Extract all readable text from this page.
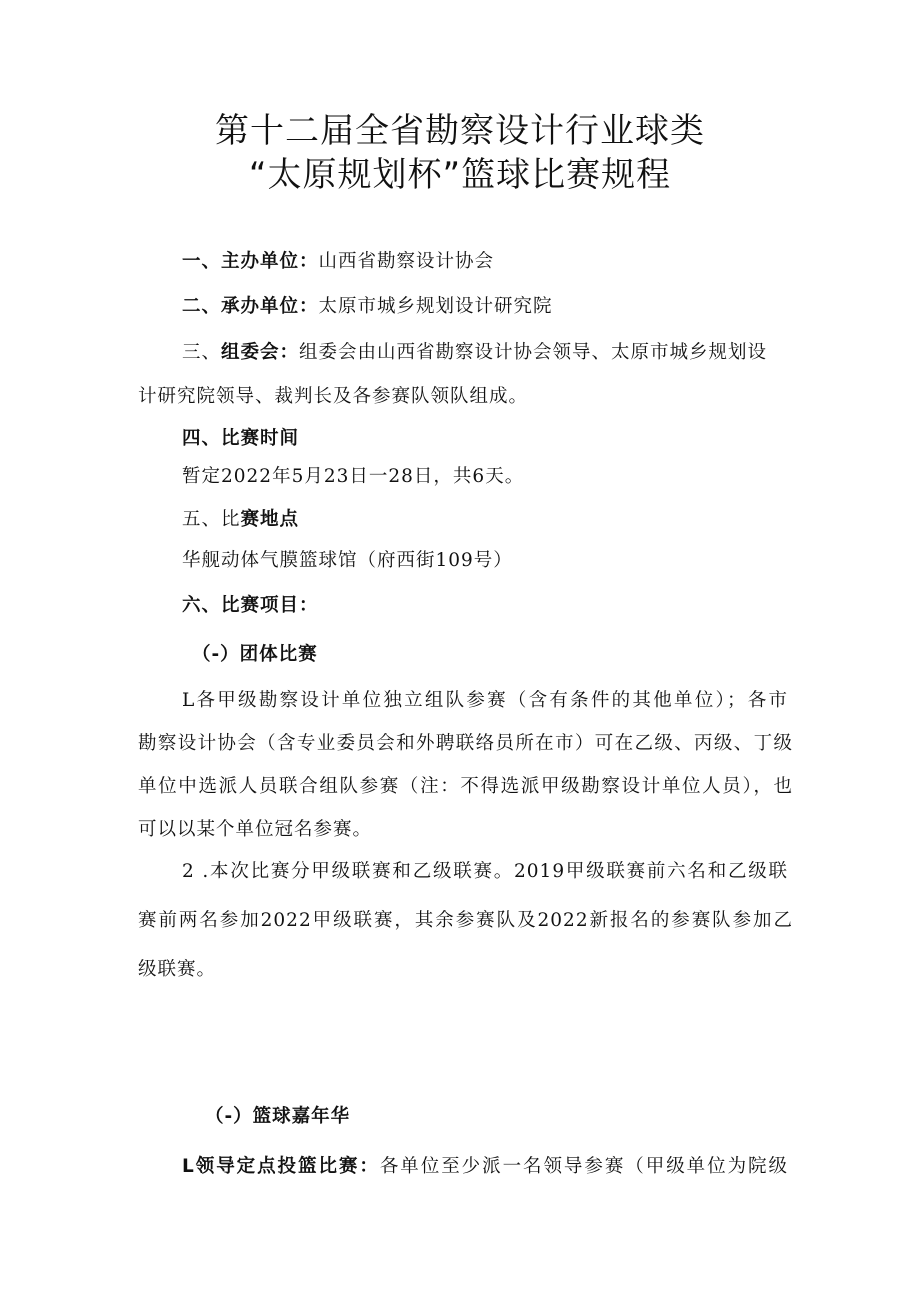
第十二届全省勘察设计行业球类
“太原规划杯”篮球比赛规程
一、主办单位：山西省勘察设计协会
二、承办单位：太原市城乡规划设计研究院
三、组委会：组委会由山西省勘察设计协会领导、太原市城乡规划设
计研究院领导、裁判长及各参赛队领队组成。
四、比赛时间
暂定2022年5月23日一28日，共6天。
五、比赛地点
华舰动体气膜篮球馆（府西街109号）
六、比赛项目：
（-）团体比赛
L各甲级勘察设计单位独立组队参赛（含有条件的其他单位）；各市
勘察设计协会（含专业委员会和外聘联络员所在市）可在乙级、丙级、丁级
单位中选派人员联合组队参赛（注：不得选派甲级勘察设计单位人员），也
可以以某个单位冠名参赛。
2 .本次比赛分甲级联赛和乙级联赛。2019甲级联赛前六名和乙级联
赛前两名参加2022甲级联赛，其余参赛队及2022新报名的参赛队参加乙
级联赛。
（-）篮球嘉年华
L领导定点投篮比赛：各单位至少派一名领导参赛（甲级单位为院级
